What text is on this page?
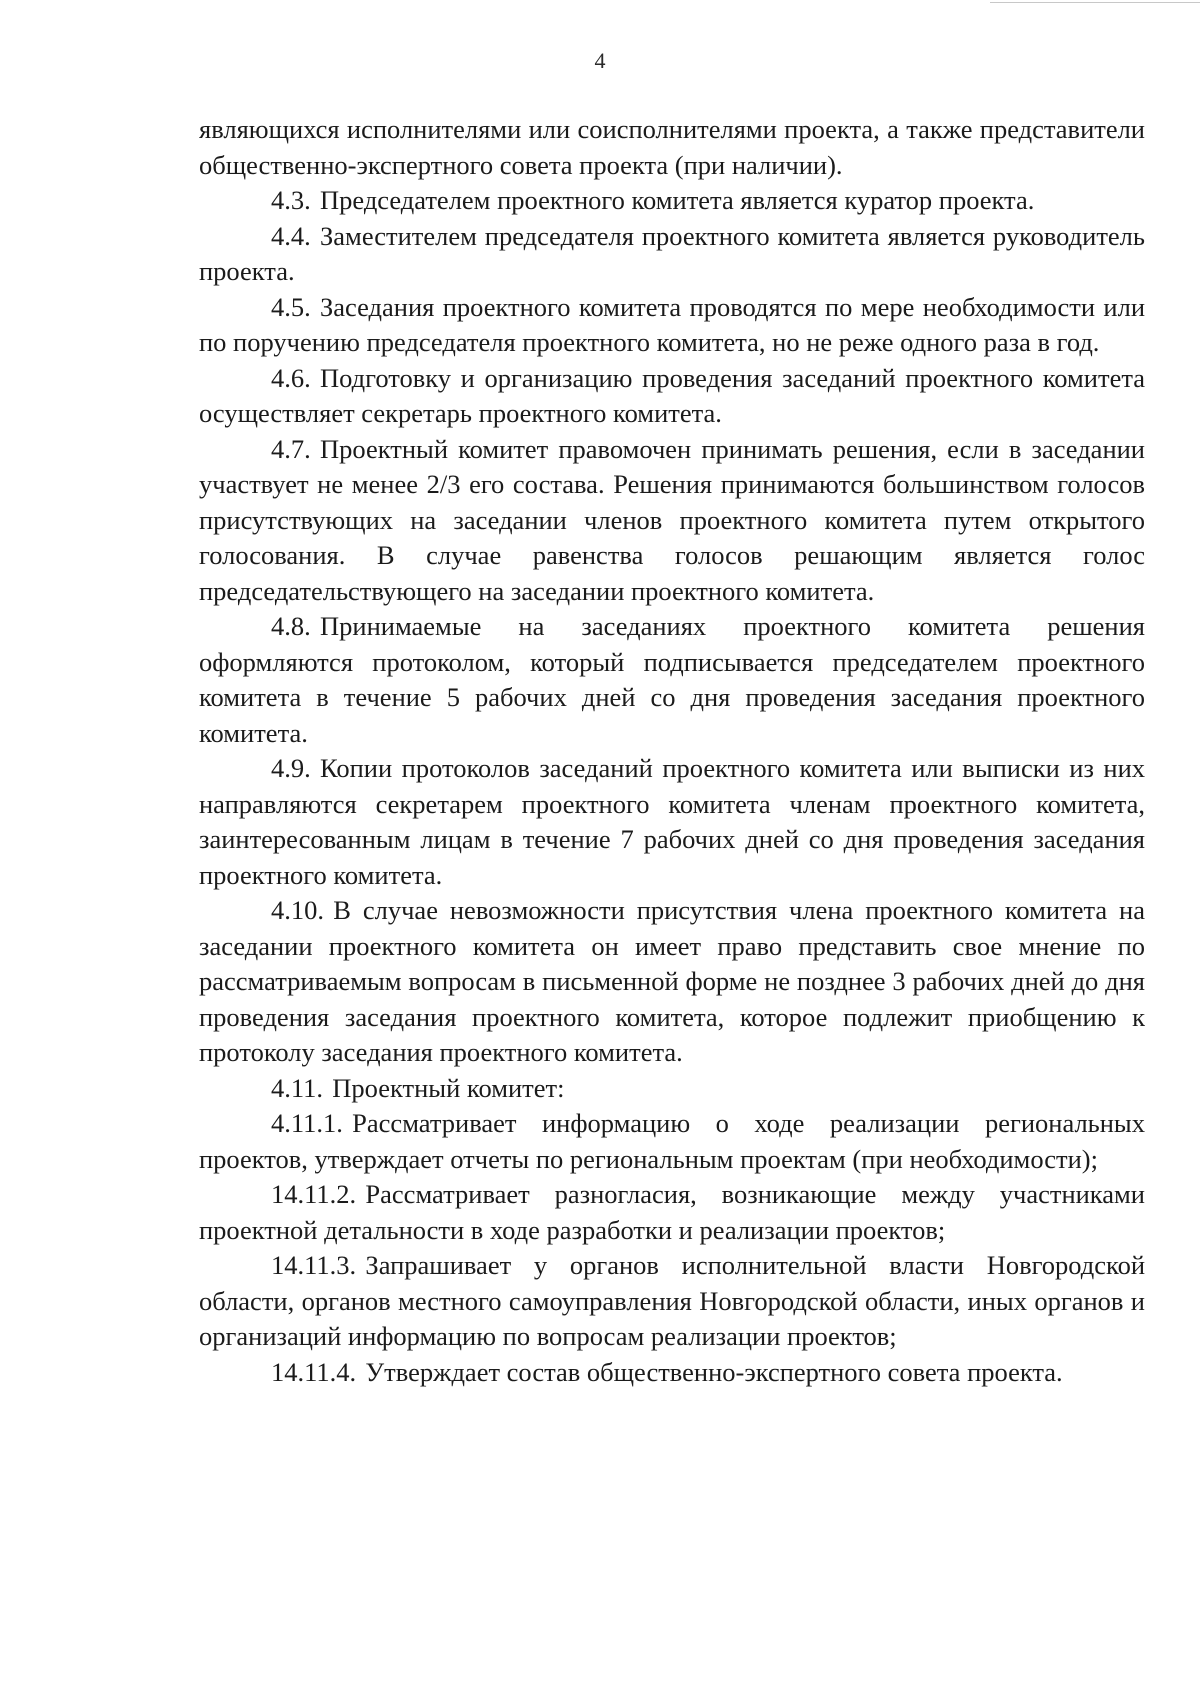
4

являющихся исполнителями или соисполнителями проекта, а также представители общественно-экспертного совета проекта (при наличии).

4.3. Председателем проектного комитета является куратор проекта.

4.4. Заместителем председателя проектного комитета является руководитель проекта.

4.5. Заседания проектного комитета проводятся по мере необходимости или по поручению председателя проектного комитета, но не реже одного раза в год.

4.6. Подготовку и организацию проведения заседаний проектного комитета осуществляет секретарь проектного комитета.

4.7. Проектный комитет правомочен принимать решения, если в заседании участвует не менее 2/3 его состава. Решения принимаются большинством голосов присутствующих на заседании членов проектного комитета путем открытого голосования. В случае равенства голосов решающим является голос председательствующего на заседании проектного комитета.

4.8. Принимаемые на заседаниях проектного комитета решения оформляются протоколом, который подписывается председателем проектного комитета в течение 5 рабочих дней со дня проведения заседания проектного комитета.

4.9. Копии протоколов заседаний проектного комитета или выписки из них направляются секретарем проектного комитета членам проектного комитета, заинтересованным лицам в течение 7 рабочих дней со дня проведения заседания проектного комитета.

4.10. В случае невозможности присутствия члена проектного комитета на заседании проектного комитета он имеет право представить свое мнение по рассматриваемым вопросам в письменной форме не позднее 3 рабочих дней до дня проведения заседания проектного комитета, которое подлежит приобщению к протоколу заседания проектного комитета.

4.11. Проектный комитет:

4.11.1. Рассматривает информацию о ходе реализации региональных проектов, утверждает отчеты по региональным проектам (при необходимости);

14.11.2. Рассматривает разногласия, возникающие между участниками проектной детальности в ходе разработки и реализации проектов;

14.11.3. Запрашивает у органов исполнительной власти Новгородской области, органов местного самоуправления Новгородской области, иных органов и организаций информацию по вопросам реализации проектов;

14.11.4. Утверждает состав общественно-экспертного совета проекта.
